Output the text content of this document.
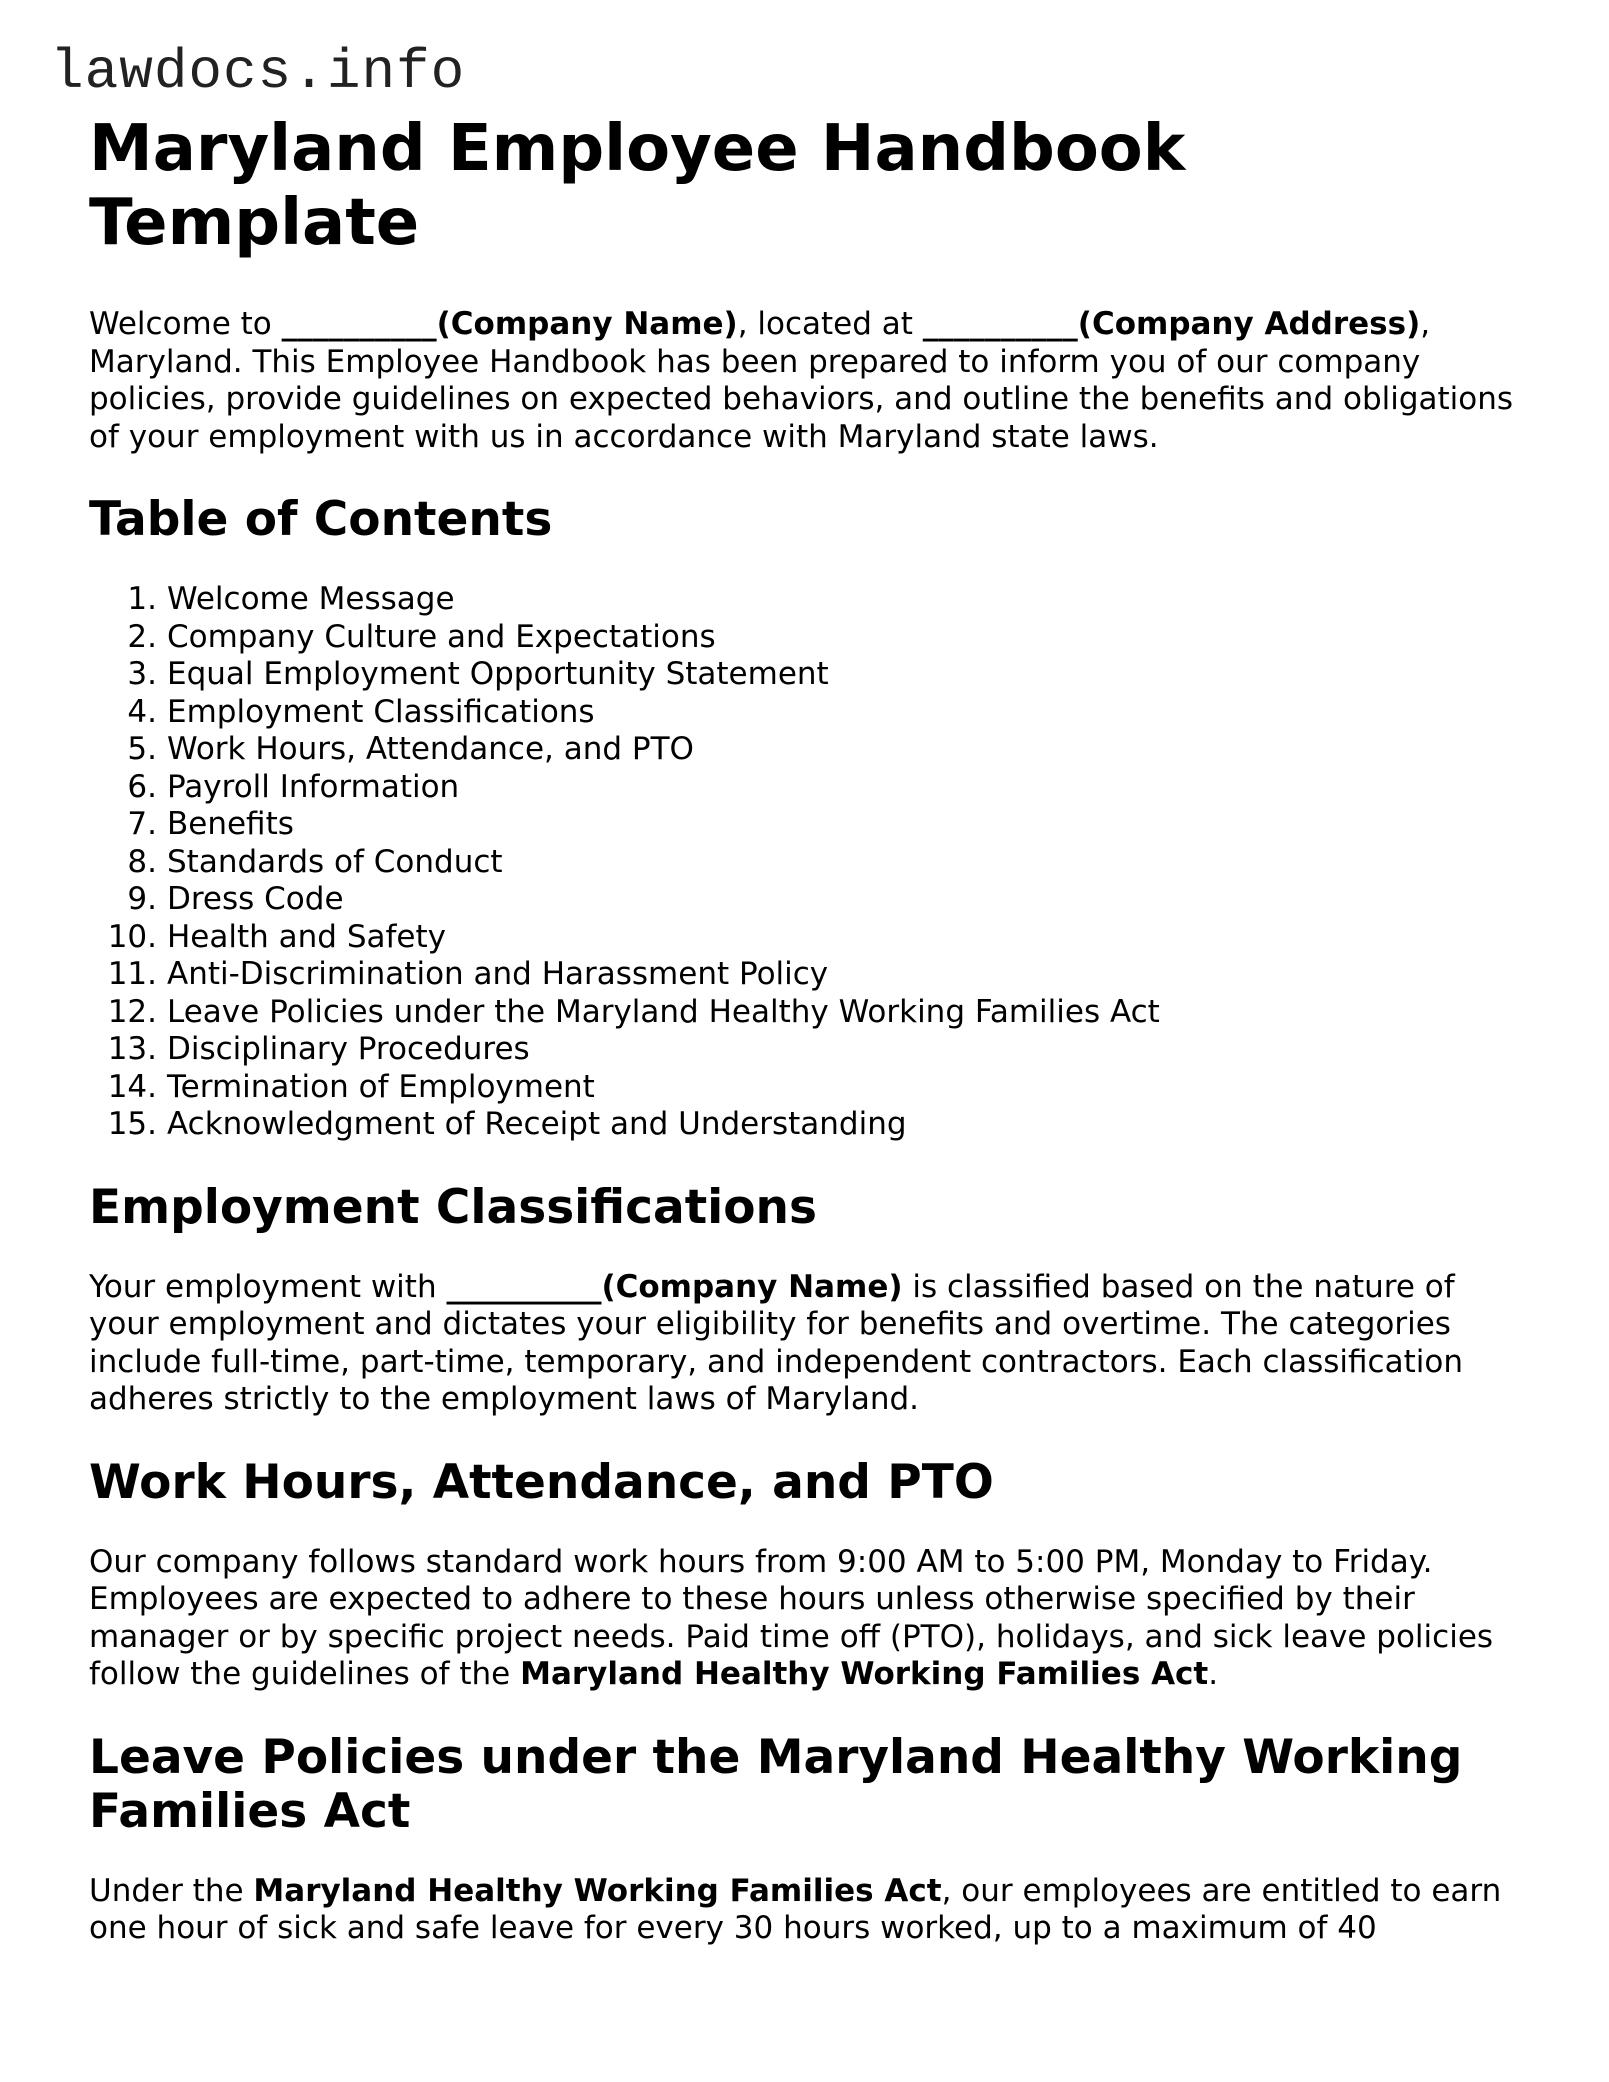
lawdocs.info
Maryland Employee Handbook Template

Welcome to __________(Company Name), located at __________(Company Address), Maryland. This Employee Handbook has been prepared to inform you of our company policies, provide guidelines on expected behaviors, and outline the benefits and obligations of your employment with us in accordance with Maryland state laws.

Table of Contents
1. Welcome Message
2. Company Culture and Expectations
3. Equal Employment Opportunity Statement
4. Employment Classifications
5. Work Hours, Attendance, and PTO
6. Payroll Information
7. Benefits
8. Standards of Conduct
9. Dress Code
10. Health and Safety
11. Anti-Discrimination and Harassment Policy
12. Leave Policies under the Maryland Healthy Working Families Act
13. Disciplinary Procedures
14. Termination of Employment
15. Acknowledgment of Receipt and Understanding
Employment Classifications

Your employment with __________(Company Name) is classified based on the nature of your employment and dictates your eligibility for benefits and overtime. The categories include full-time, part-time, temporary, and independent contractors. Each classification adheres strictly to the employment laws of Maryland.

Work Hours, Attendance, and PTO

Our company follows standard work hours from 9:00 AM to 5:00 PM, Monday to Friday. Employees are expected to adhere to these hours unless otherwise specified by their manager or by specific project needs. Paid time off (PTO), holidays, and sick leave policies follow the guidelines of the Maryland Healthy Working Families Act.

Leave Policies under the Maryland Healthy Working Families Act

Under the Maryland Healthy Working Families Act, our employees are entitled to earn one hour of sick and safe leave for every 30 hours worked, up to a maximum of 40
